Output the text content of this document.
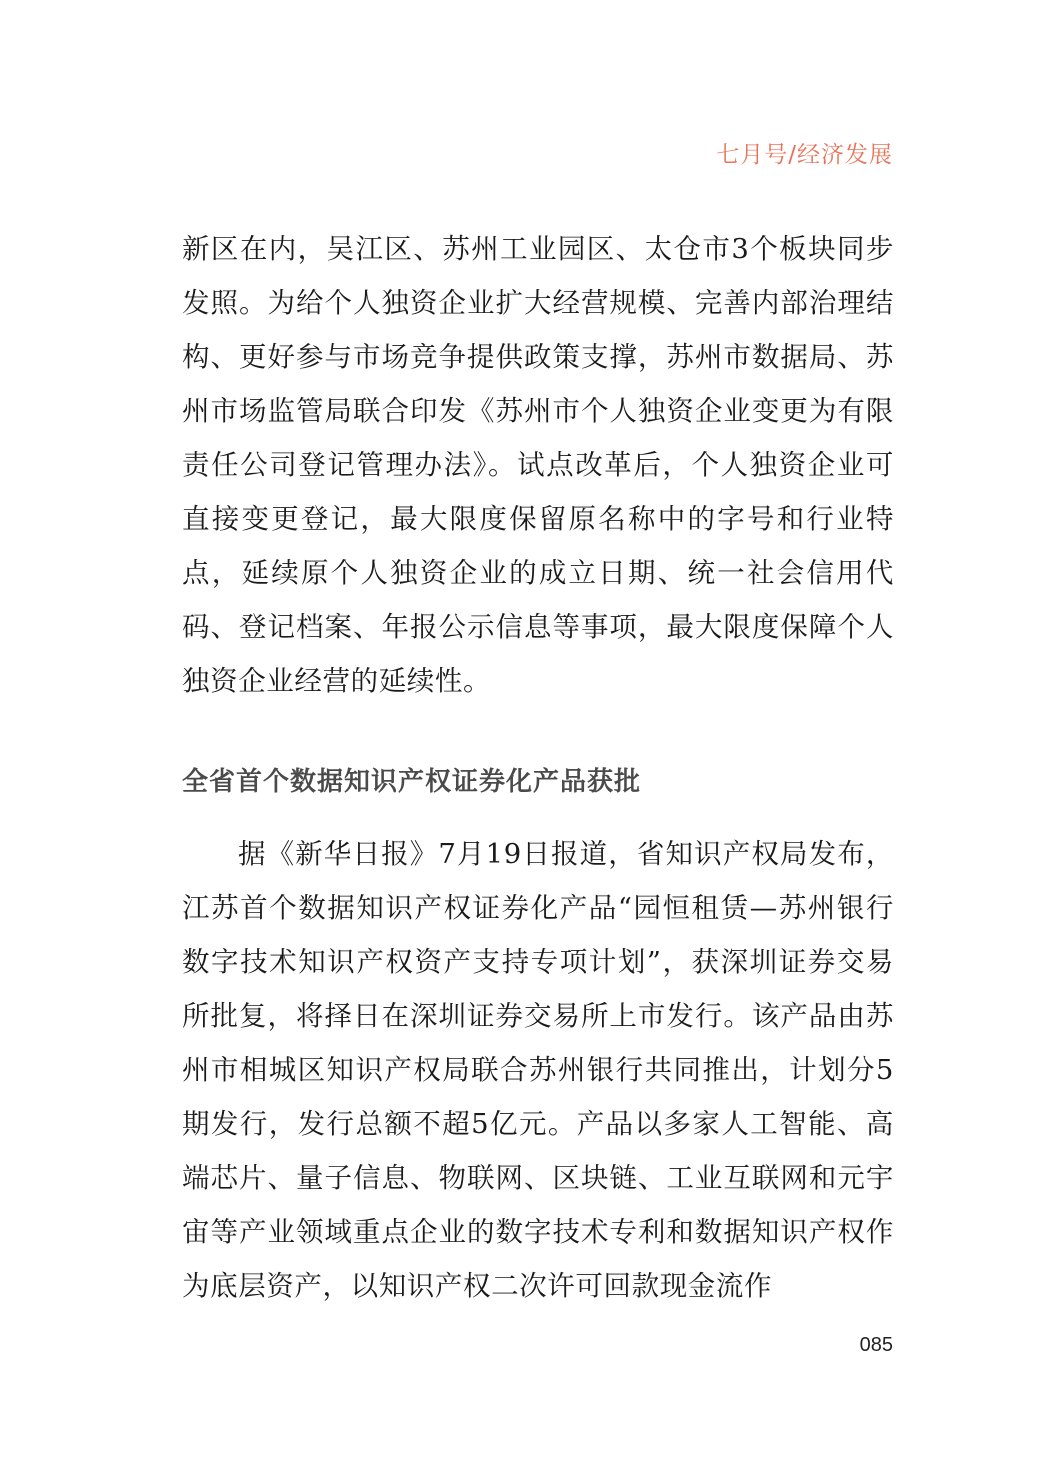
七月号/经济发展

新区在内，吴江区、苏州工业园区、太仓市3个板块同步发照。为给个人独资企业扩大经营规模、完善内部治理结构、更好参与市场竞争提供政策支撑，苏州市数据局、苏州市场监管局联合印发《苏州市个人独资企业变更为有限责任公司登记管理办法》。试点改革后，个人独资企业可直接变更登记，最大限度保留原名称中的字号和行业特点，延续原个人独资企业的成立日期、统一社会信用代码、登记档案、年报公示信息等事项，最大限度保障个人独资企业经营的延续性。

全省首个数据知识产权证券化产品获批

据《新华日报》7月19日报道，省知识产权局发布，江苏首个数据知识产权证券化产品“园恒租赁—苏州银行数字技术知识产权资产支持专项计划”，获深圳证券交易所批复，将择日在深圳证券交易所上市发行。该产品由苏州市相城区知识产权局联合苏州银行共同推出，计划分5期发行，发行总额不超5亿元。产品以多家人工智能、高端芯片、量子信息、物联网、区块链、工业互联网和元宇宙等产业领域重点企业的数字技术专利和数据知识产权作为底层资产，以知识产权二次许可回款现金流作

085
